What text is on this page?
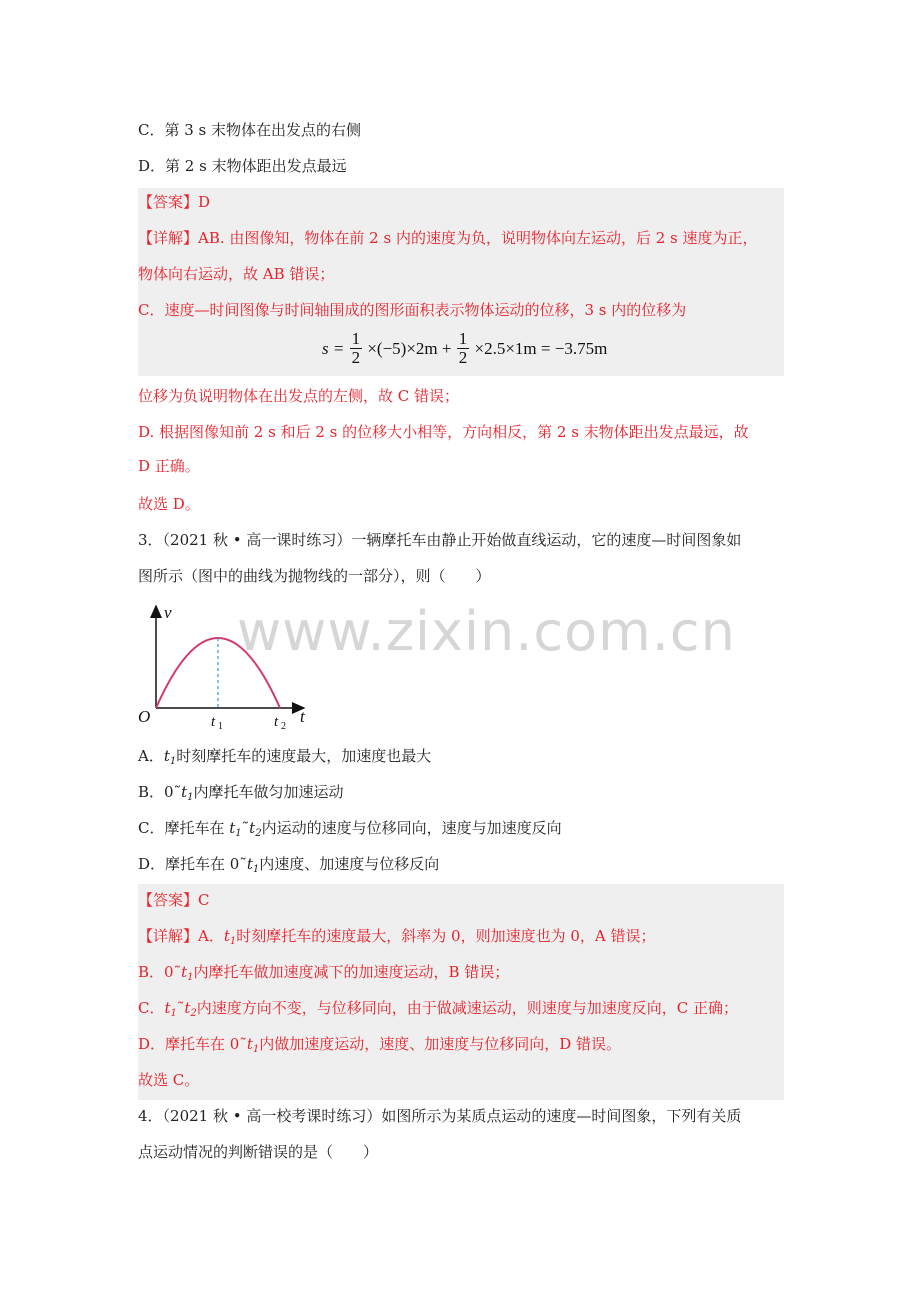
C．第 3 s 末物体在出发点的右侧
D．第 2 s 末物体距出发点最远
【答案】D
【详解】AB. 由图像知，物体在前 2 s 内的速度为负，说明物体向左运动，后 2 s 速度为正，
物体向右运动，故 AB 错误；
C．速度—时间图像与时间轴围成的图形面积表示物体运动的位移，3 s 内的位移为
$s = \frac{1}{2} \times(-5)\times 2m + \frac{1}{2} \times 2.5\times 1m = -3.75m$
位移为负说明物体在出发点的左侧，故 C 错误；
D. 根据图像知前 2 s 和后 2 s 的位移大小相等，方向相反，第 2 s 末物体距出发点最远，故
D 正确。
故选 D。
3．（2021 秋 • 高一课时练习）一辆摩托车由静止开始做直线运动，它的速度—时间图象如
图所示（图中的曲线为抛物线的一部分），则（　　）
v
t
O	t 1	t 2
www.zixin.com.cn
A．$t_1$时刻摩托车的速度最大，加速度也最大
B．$0˜t_1$内摩托车做匀加速运动
C．摩托车在 $t_1˜t_2$内运动的速度与位移同向，速度与加速度反向
D．摩托车在 $0˜t_1$内速度、加速度与位移反向
【答案】C
【详解】A．$t_1$时刻摩托车的速度最大，斜率为 0，则加速度也为 0，A 错误；
B．$0˜t_1$内摩托车做加速度减下的加速度运动，B 错误；
C．$t_1˜t_2$内速度方向不变，与位移同向，由于做减速运动，则速度与加速度反向，C 正确；
D．摩托车在 $0˜t_1$内做加速度运动，速度、加速度与位移同向，D 错误。
故选 C。
4．（2021 秋 • 高一校考课时练习）如图所示为某质点运动的速度—时间图象，下列有关质
点运动情况的判断错误的是（　　）
